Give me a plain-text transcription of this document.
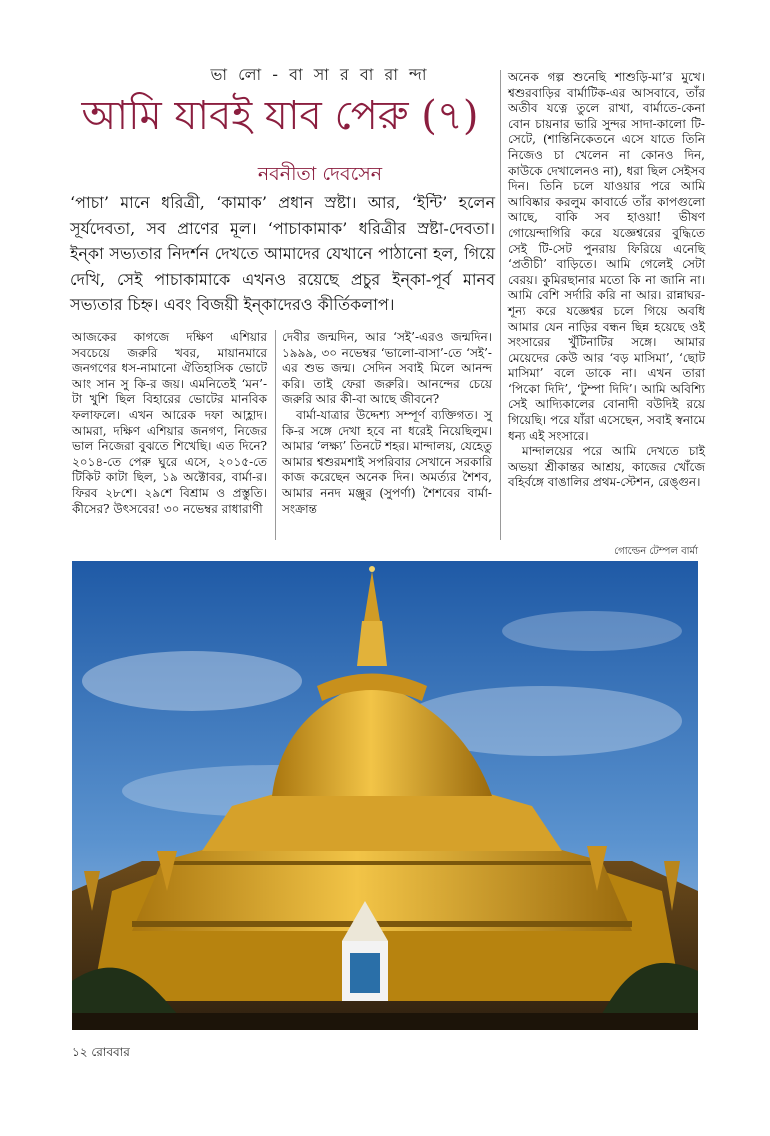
ভা লো - বা সা র বা রা ন্দা
আমি যাবই যাব পেরু (৭)
নবনীতা দেবসেন

‘পাচা’ মানে ধরিত্রী, ‘কামাক’ প্রধান স্রষ্টা। আর, ‘ইন্টি’ হলেন সূর্যদেবতা, সব প্রাণের মূল। ‘পাচাকামাক’ ধরিত্রীর স্রষ্টা-দেবতা। ইন্কা সভ্যতার নিদর্শন দেখতে আমাদের যেখানে পাঠানো হল, গিয়ে দেখি, সেই পাচাকামাকে এখনও রয়েছে প্রচুর ইন্কা-পূর্ব মানব সভ্যতার চিহ্ন। এবং বিজয়ী ইন্কাদেরও কীর্তিকলাপ।

আজকের কাগজে দক্ষিণ এশিয়ার সবচেয়ে জরুরি খবর, মায়ানমারে জনগণের ধস-নামানো ঐতিহাসিক ভোটে আং সান সু কি-র জয়। এমনিতেই ‘মন’-টা খুশি ছিল বিহারের ভোটের মানবিক ফলাফলে। এখন আরেক দফা আহ্লাদ। আমরা, দক্ষিণ এশিয়ার জনগণ, নিজের ভাল নিজেরা বুঝতে শিখেছি। এত দিনে? ২০১৪-তে পেরু ঘুরে এসে, ২০১৫-তে টিকিট কাটা ছিল, ১৯ অক্টোবর, বার্মা-র। ফিরব ২৮শে। ২৯শে বিশ্রাম ও প্রস্তুতি। কীসের? উৎসবের! ৩০ নভেম্বর রাধারাণী

দেবীর জন্মদিন, আর ‘সই’-এরও জন্মদিন। ১৯৯৯, ৩০ নভেম্বর ‘ভালো-বাসা’-তে ‘সই’-এর শুভ জন্ম। সেদিন সবাই মিলে আনন্দ করি। তাই ফেরা জরুরি। আনন্দের চেয়ে জরুরি আর কী-বা আছে জীবনে?

বার্মা-যাত্রার উদ্দেশ্য সম্পূর্ণ ব্যক্তিগত। সু কি-র সঙ্গে দেখা হবে না ধরেই নিয়েছিলুম। আমার ‘লক্ষ্য’ তিনটে শহর। মান্দালয়, যেহেতু আমার শ্বশুরমশাই সপরিবার সেখানে সরকারি কাজ করেছেন অনেক দিন। অমর্ত্যর শৈশব, আমার ননদ মঞ্জুর (সুপর্ণা) শৈশবের বার্মা-সংক্রান্ত

অনেক গল্প শুনেছি শাশুড়ি-মা’র মুখে। শ্বশুরবাড়ির বার্মাটিক-এর আসবাবে, তাঁর অতীব যত্নে তুলে রাখা, বার্মাতে-কেনা বোন চায়নার ভারি সুন্দর সাদা-কালো টি-সেটে, (শান্তিনিকেতনে এসে যাতে তিনি নিজেও চা খেলেন না কোনও দিন, কাউকে দেখালেনও না), ধরা ছিল সেইসব দিন। তিনি চলে যাওয়ার পরে আমি আবিষ্কার করলুম কাবার্ডে তাঁর কাপগুলো আছে, বাকি সব হাওয়া! ভীষণ গোয়েন্দাগিরি করে যজ্ঞেশ্বরের বুদ্ধিতে সেই টি-সেট পুনরায় ফিরিয়ে এনেছি ‘প্রতীচী’ বাড়িতে। আমি গেলেই সেটা বেরয়। কুমিরছানার মতো কি না জানি না। আমি বেশি সর্দারি করি না আর। রান্নাঘর-শূন্য করে যজ্ঞেশ্বর চলে গিয়ে অবধি আমার যেন নাড়ির বন্ধন ছিন্ন হয়েছে ওই সংসারের খুঁটিনাটির সঙ্গে। আমার মেয়েদের কেউ আর ‘বড় মাসিমা’, ‘ছোট মাসিমা’ বলে ডাকে না। এখন তারা ‘পিকো দিদি’, ‘টুম্পা দিদি’। আমি অবিশ্যি সেই আদ্যিকালের বোনাদী বউদিই রয়ে গিয়েছি। পরে যাঁরা এসেছেন, সবাই স্বনামে ধন্য এই সংসারে।

মান্দালয়ের পরে আমি দেখতে চাই অভয়া শ্রীকান্তর আশ্রয়, কাজের খোঁজে বহির্বঙ্গে বাঙালির প্রথম-স্টেশন, রেঙ্গুন।

গোল্ডেন টেম্পল বার্মা
১২ রোববার
